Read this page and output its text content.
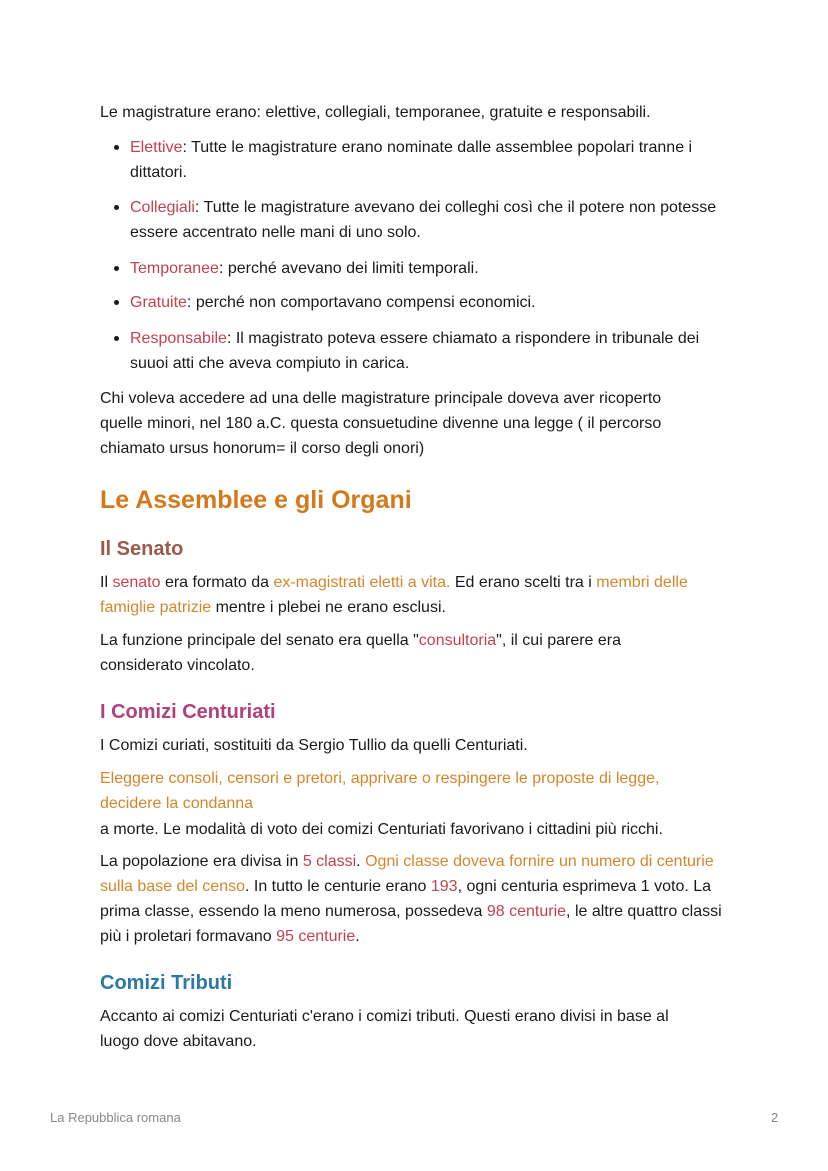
Le magistrature erano: elettive, collegiali, temporanee, gratuite e responsabili.
Elettive: Tutte le magistrature erano nominate dalle assemblee popolari tranne i dittatori.
Collegiali: Tutte le magistrature avevano dei colleghi così che il potere non potesse essere accentrato nelle mani di uno solo.
Temporanee: perché avevano dei limiti temporali.
Gratuite: perché non comportavano compensi economici.
Responsabile: Il magistrato poteva essere chiamato a rispondere in tribunale dei suuoi atti che aveva compiuto in carica.
Chi voleva accedere ad una delle magistrature principale doveva aver ricoperto quelle minori, nel 180 a.C. questa consuetudine divenne una legge ( il percorso chiamato ursus honorum= il corso degli onori)
Le Assemblee e gli Organi
Il Senato
Il senato era formato da ex-magistrati eletti a vita. Ed erano scelti tra i membri delle famiglie patrizie mentre i plebei ne erano esclusi.
La funzione principale del senato era quella "consultoria", il cui parere era considerato vincolato.
I Comizi Centuriati
I Comizi curiati, sostituiti da Sergio Tullio da quelli Centuriati.
Eleggere consoli, censori e pretori, apprivare o respingere le proposte di legge, decidere la condanna
a morte. Le modalità di voto dei comizi Centuriati favorivano i cittadini più ricchi.
La popolazione era divisa in 5 classi. Ogni classe doveva fornire un numero di centurie sulla base del censo. In tutto le centurie erano 193, ogni centuria esprimeva 1 voto. La prima classe, essendo la meno numerosa, possedeva 98 centurie, le altre quattro classi più i proletari formavano 95 centurie.
Comizi Tributi
Accanto ai comizi Centuriati c'erano i comizi tributi. Questi erano divisi in base al luogo dove abitavano.
La Repubblica romana	2
